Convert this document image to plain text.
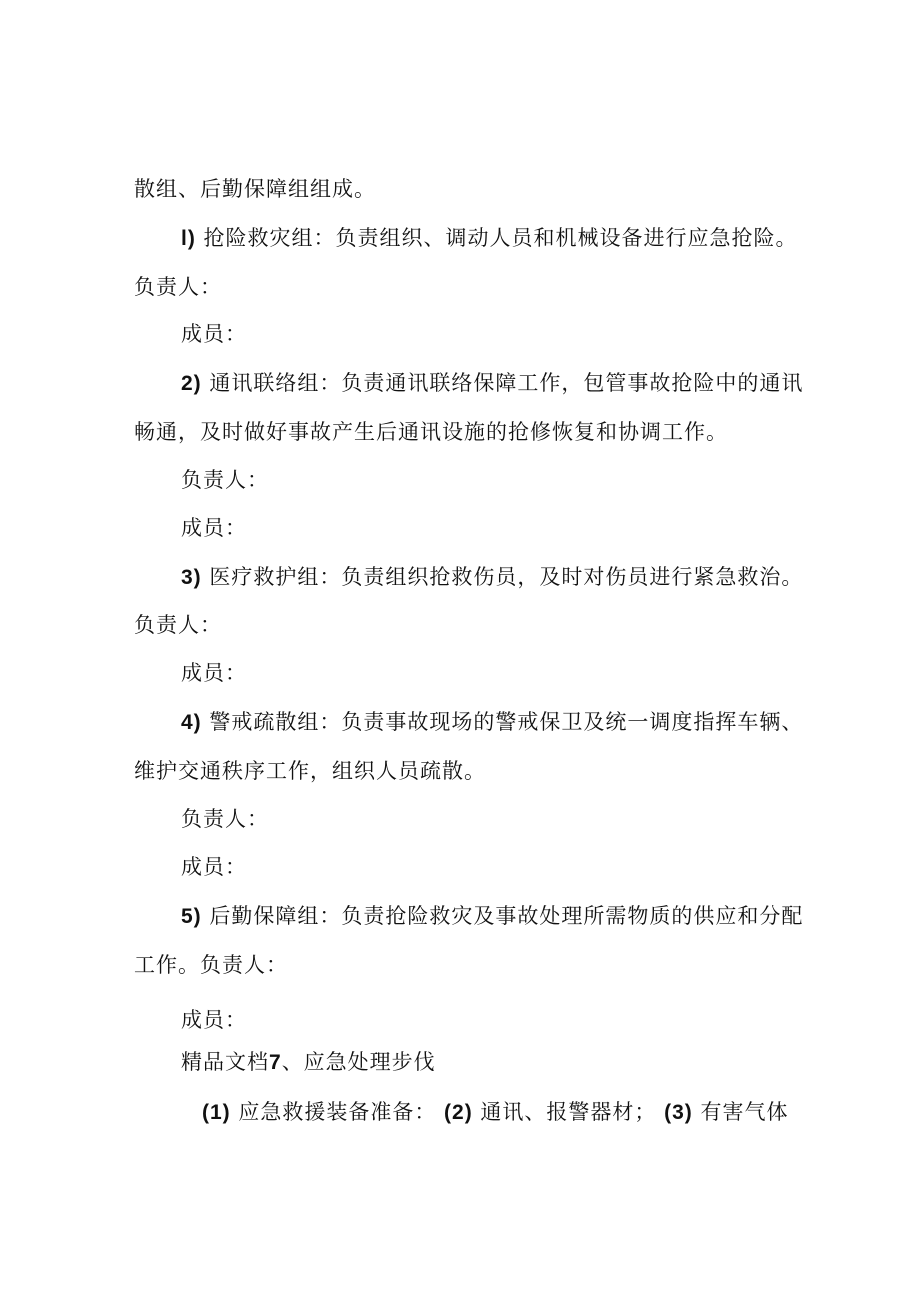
散组、后勤保障组组成。
l) 抢险救灾组：负责组织、调动人员和机械设备进行应急抢险。
负责人：
成员：
2) 通讯联络组：负责通讯联络保障工作，包管事故抢险中的通讯
畅通，及时做好事故产生后通讯设施的抢修恢复和协调工作。
负责人：
成员：
3) 医疗救护组：负责组织抢救伤员，及时对伤员进行紧急救治。
负责人：
成员：
4) 警戒疏散组：负责事故现场的警戒保卫及统一调度指挥车辆、
维护交通秩序工作，组织人员疏散。
负责人：
成员：
5) 后勤保障组：负责抢险救灾及事故处理所需物质的供应和分配
工作。负责人：
成员：
精品文档7、应急处理步伐
(1) 应急救援装备准备： (2) 通讯、报警器材； (3) 有害气体
